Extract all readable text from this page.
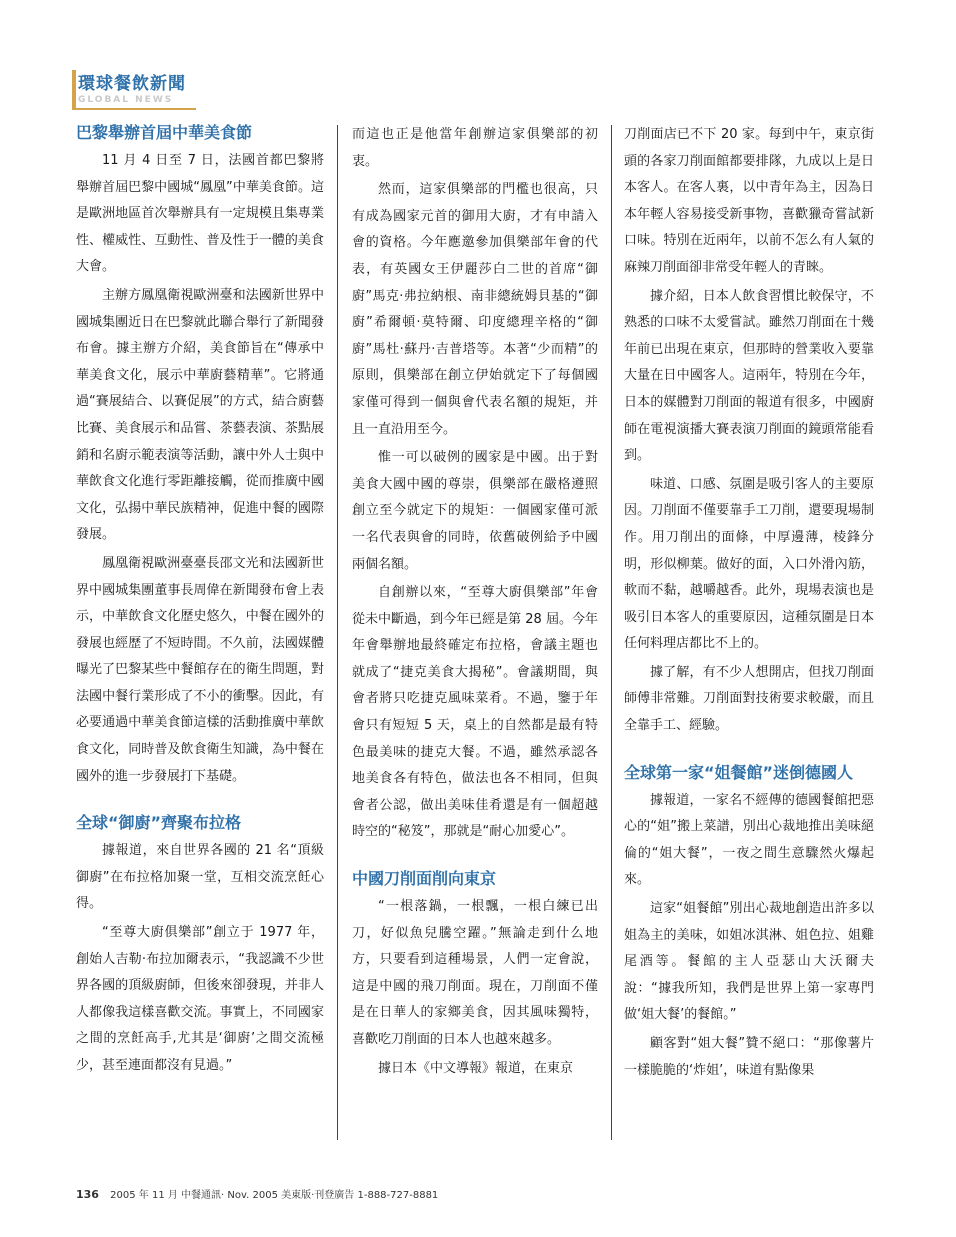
環球餐飲新聞
GLOBAL NEWS
巴黎舉辦首屆中華美食節

11 月 4 日至 7 日，法國首都巴黎將舉辦首屆巴黎中國城“鳳凰”中華美食節。這是歐洲地區首次舉辦具有一定規模且集專業性、權威性、互動性、普及性于一體的美食大會。

主辦方鳳凰衛視歐洲臺和法國新世界中國城集團近日在巴黎就此聯合舉行了新聞發布會。據主辦方介紹，美食節旨在“傳承中華美食文化，展示中華廚藝精華”。它將通過“賽展結合、以賽促展”的方式，結合廚藝比賽、美食展示和品嘗、茶藝表演、茶點展銷和名廚示範表演等活動，讓中外人士與中華飲食文化進行零距離接觸，從而推廣中國文化，弘揚中華民族精神，促進中餐的國際發展。

鳳凰衛視歐洲臺臺長邵文光和法國新世界中國城集團董事長周偉在新聞發布會上表示，中華飲食文化歷史悠久，中餐在國外的發展也經歷了不短時間。不久前，法國媒體曝光了巴黎某些中餐館存在的衛生問題，對法國中餐行業形成了不小的衝擊。因此，有必要通過中華美食節這樣的活動推廣中華飲食文化，同時普及飲食衛生知識，為中餐在國外的進一步發展打下基礎。

全球“御廚”齊聚布拉格

據報道，來自世界各國的 21 名“頂級御廚”在布拉格加聚一堂，互相交流烹飪心得。

“至尊大廚俱樂部”創立于 1977 年，創始人吉勒·布拉加爾表示，“我認識不少世界各國的頂級廚師，但後來卻發現，并非人人都像我這樣喜歡交流。事實上，不同國家之間的烹飪高手,尤其是‘御廚’之間交流極少，甚至連面都沒有見過。”

而這也正是他當年創辦這家俱樂部的初衷。

然而，這家俱樂部的門檻也很高，只有成為國家元首的御用大廚，才有申請入會的資格。今年應邀參加俱樂部年會的代表，有英國女王伊麗莎白二世的首席“御廚”馬克·弗拉納根、南非總統姆貝基的“御廚”希爾頓·莫特爾、印度總理辛格的“御廚”馬杜·蘇丹·吉普塔等。本著“少而精”的原則，俱樂部在創立伊始就定下了每個國家僅可得到一個與會代表名額的規矩，并且一直沿用至今。

惟一可以破例的國家是中國。出于對美食大國中國的尊崇，俱樂部在嚴格遵照創立至今就定下的規矩：一個國家僅可派一名代表與會的同時，依舊破例給予中國兩個名額。

自創辦以來，“至尊大廚俱樂部”年會從未中斷過，到今年已經是第 28 屆。今年年會舉辦地最終確定布拉格，會議主題也就成了“捷克美食大揭秘”。會議期間，與會者將只吃捷克風味菜肴。不過，鑒于年會只有短短 5 天，桌上的自然都是最有特色最美味的捷克大餐。不過，雖然承認各地美食各有特色，做法也各不相同，但與會者公認，做出美味佳肴還是有一個超越時空的“秘笈”，那就是“耐心加愛心”。

中國刀削面削向東京

“一根落鍋，一根飄，一根白練已出刀，好似魚兒騰空躍。”無論走到什么地方，只要看到這種場景，人們一定會說，這是中國的飛刀削面。現在，刀削面不僅是在日華人的家鄉美食，因其風味獨特，喜歡吃刀削面的日本人也越來越多。

據日本《中文導報》報道，在東京

刀削面店已不下 20 家。每到中午，東京街頭的各家刀削面館都要排隊，九成以上是日本客人。在客人裏，以中青年為主，因為日本年輕人容易接受新事物，喜歡獵奇嘗試新口味。特別在近兩年，以前不怎么有人氣的麻辣刀削面卻非常受年輕人的青睞。

據介紹，日本人飲食習慣比較保守，不熟悉的口味不太愛嘗試。雖然刀削面在十幾年前已出現在東京，但那時的營業收入要靠大量在日中國客人。這兩年，特別在今年，日本的媒體對刀削面的報道有很多，中國廚師在電視演播大賽表演刀削面的鏡頭常能看到。

味道、口感、氛圍是吸引客人的主要原因。刀削面不僅要靠手工刀削，還要現場制作。用刀削出的面條，中厚邊薄，棱鋒分明，形似柳葉。做好的面，入口外滑內筋，軟而不黏，越嚼越香。此外，現場表演也是吸引日本客人的重要原因，這種氛圍是日本任何料理店都比不上的。

據了解，有不少人想開店，但找刀削面師傅非常難。刀削面對技術要求較嚴，而且全靠手工、經驗。

全球第一家“姐餐館”迷倒德國人

據報道，一家名不經傳的德國餐館把惡心的“姐”搬上菜譜，別出心裁地推出美味絕倫的“姐大餐”，一夜之間生意驟然火爆起來。

這家“姐餐館”別出心裁地創造出許多以姐為主的美味，如姐冰淇淋、姐色拉、姐雞尾酒等。餐館的主人亞瑟山大沃爾夫說：“據我所知，我們是世界上第一家專門做‘姐大餐’的餐館。”

顧客對“姐大餐”贊不絕口：“那像薯片一樣脆脆的‘炸姐’，味道有點像果

136 2005 年 11 月 中餐通訊· Nov. 2005 美東版·刊登廣告 1-888-727-8881
